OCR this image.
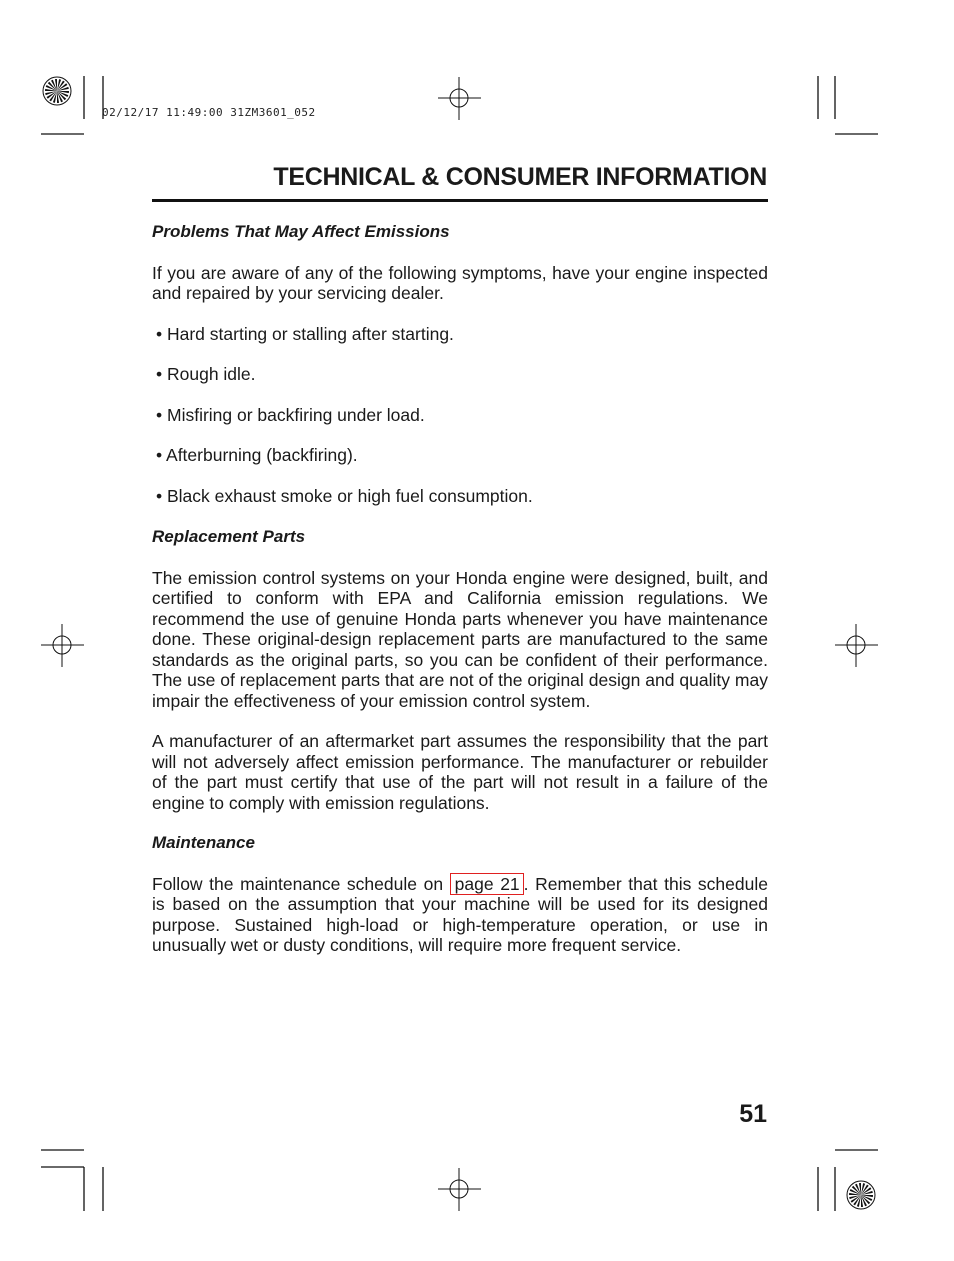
02/12/17 11:49:00 31ZM3601_052
TECHNICAL & CONSUMER INFORMATION
Problems That May Affect Emissions
If you are aware of any of the following symptoms, have your engine inspected and repaired by your servicing dealer.
• Hard starting or stalling after starting.
• Rough idle.
• Misfiring or backfiring under load.
• Afterburning (backfiring).
• Black exhaust smoke or high fuel consumption.
Replacement Parts
The emission control systems on your Honda engine were designed, built, and certified to conform with EPA and California emission regulations. We recommend the use of genuine Honda parts whenever you have maintenance done. These original-design replacement parts are manufactured to the same standards as the original parts, so you can be confident of their performance. The use of replacement parts that are not of the original design and quality may impair the effectiveness of your emission control system.
A manufacturer of an aftermarket part assumes the responsibility that the part will not adversely affect emission performance. The manufacturer or rebuilder of the part must certify that use of the part will not result in a failure of the engine to comply with emission regulations.
Maintenance
Follow the maintenance schedule on page 21 . Remember that this schedule is based on the assumption that your machine will be used for its designed purpose. Sustained high-load or high-temperature operation, or use in unusually wet or dusty conditions, will require more frequent service.
51
